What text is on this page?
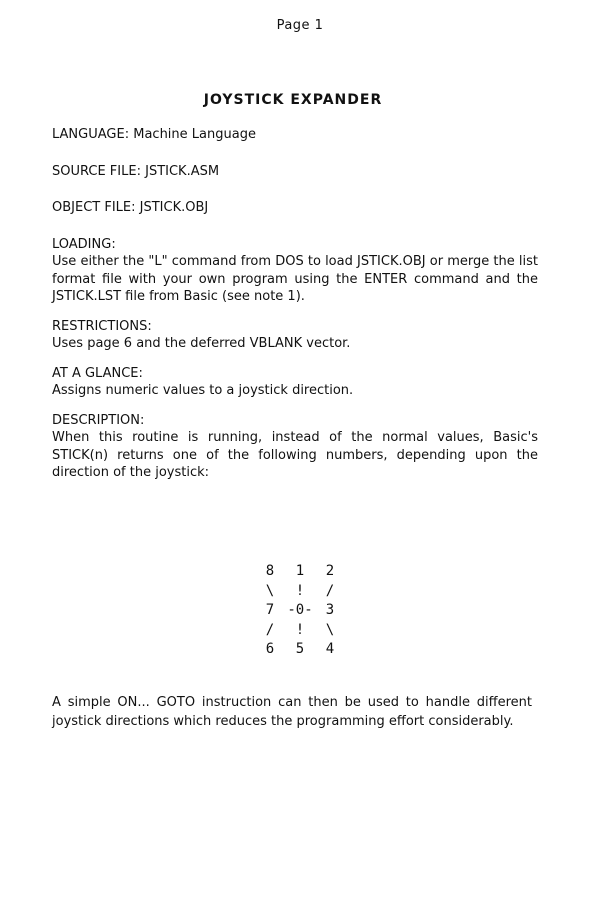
Page 1
JOYSTICK EXPANDER
LANGUAGE: Machine Language
SOURCE FILE: JSTICK.ASM
OBJECT FILE: JSTICK.OBJ
LOADING:
Use either the "L" command from DOS to load JSTICK.OBJ or merge the list format file with your own program using the ENTER command and the JSTICK.LST file from Basic (see note 1).
RESTRICTIONS:
Uses page 6 and the deferred VBLANK vector.
AT A GLANCE:
Assigns numeric values to a joystick direction.
DESCRIPTION:
When this routine is running, instead of the normal values, Basic's STICK(n) returns one of the following numbers, depending upon the direction of the joystick:
8	1	2
\	!	/
7 -0- 3
/	!	\
6	5	4
A simple ON... GOTO instruction can then be used to handle different joystick directions which reduces the programming effort considerably.
